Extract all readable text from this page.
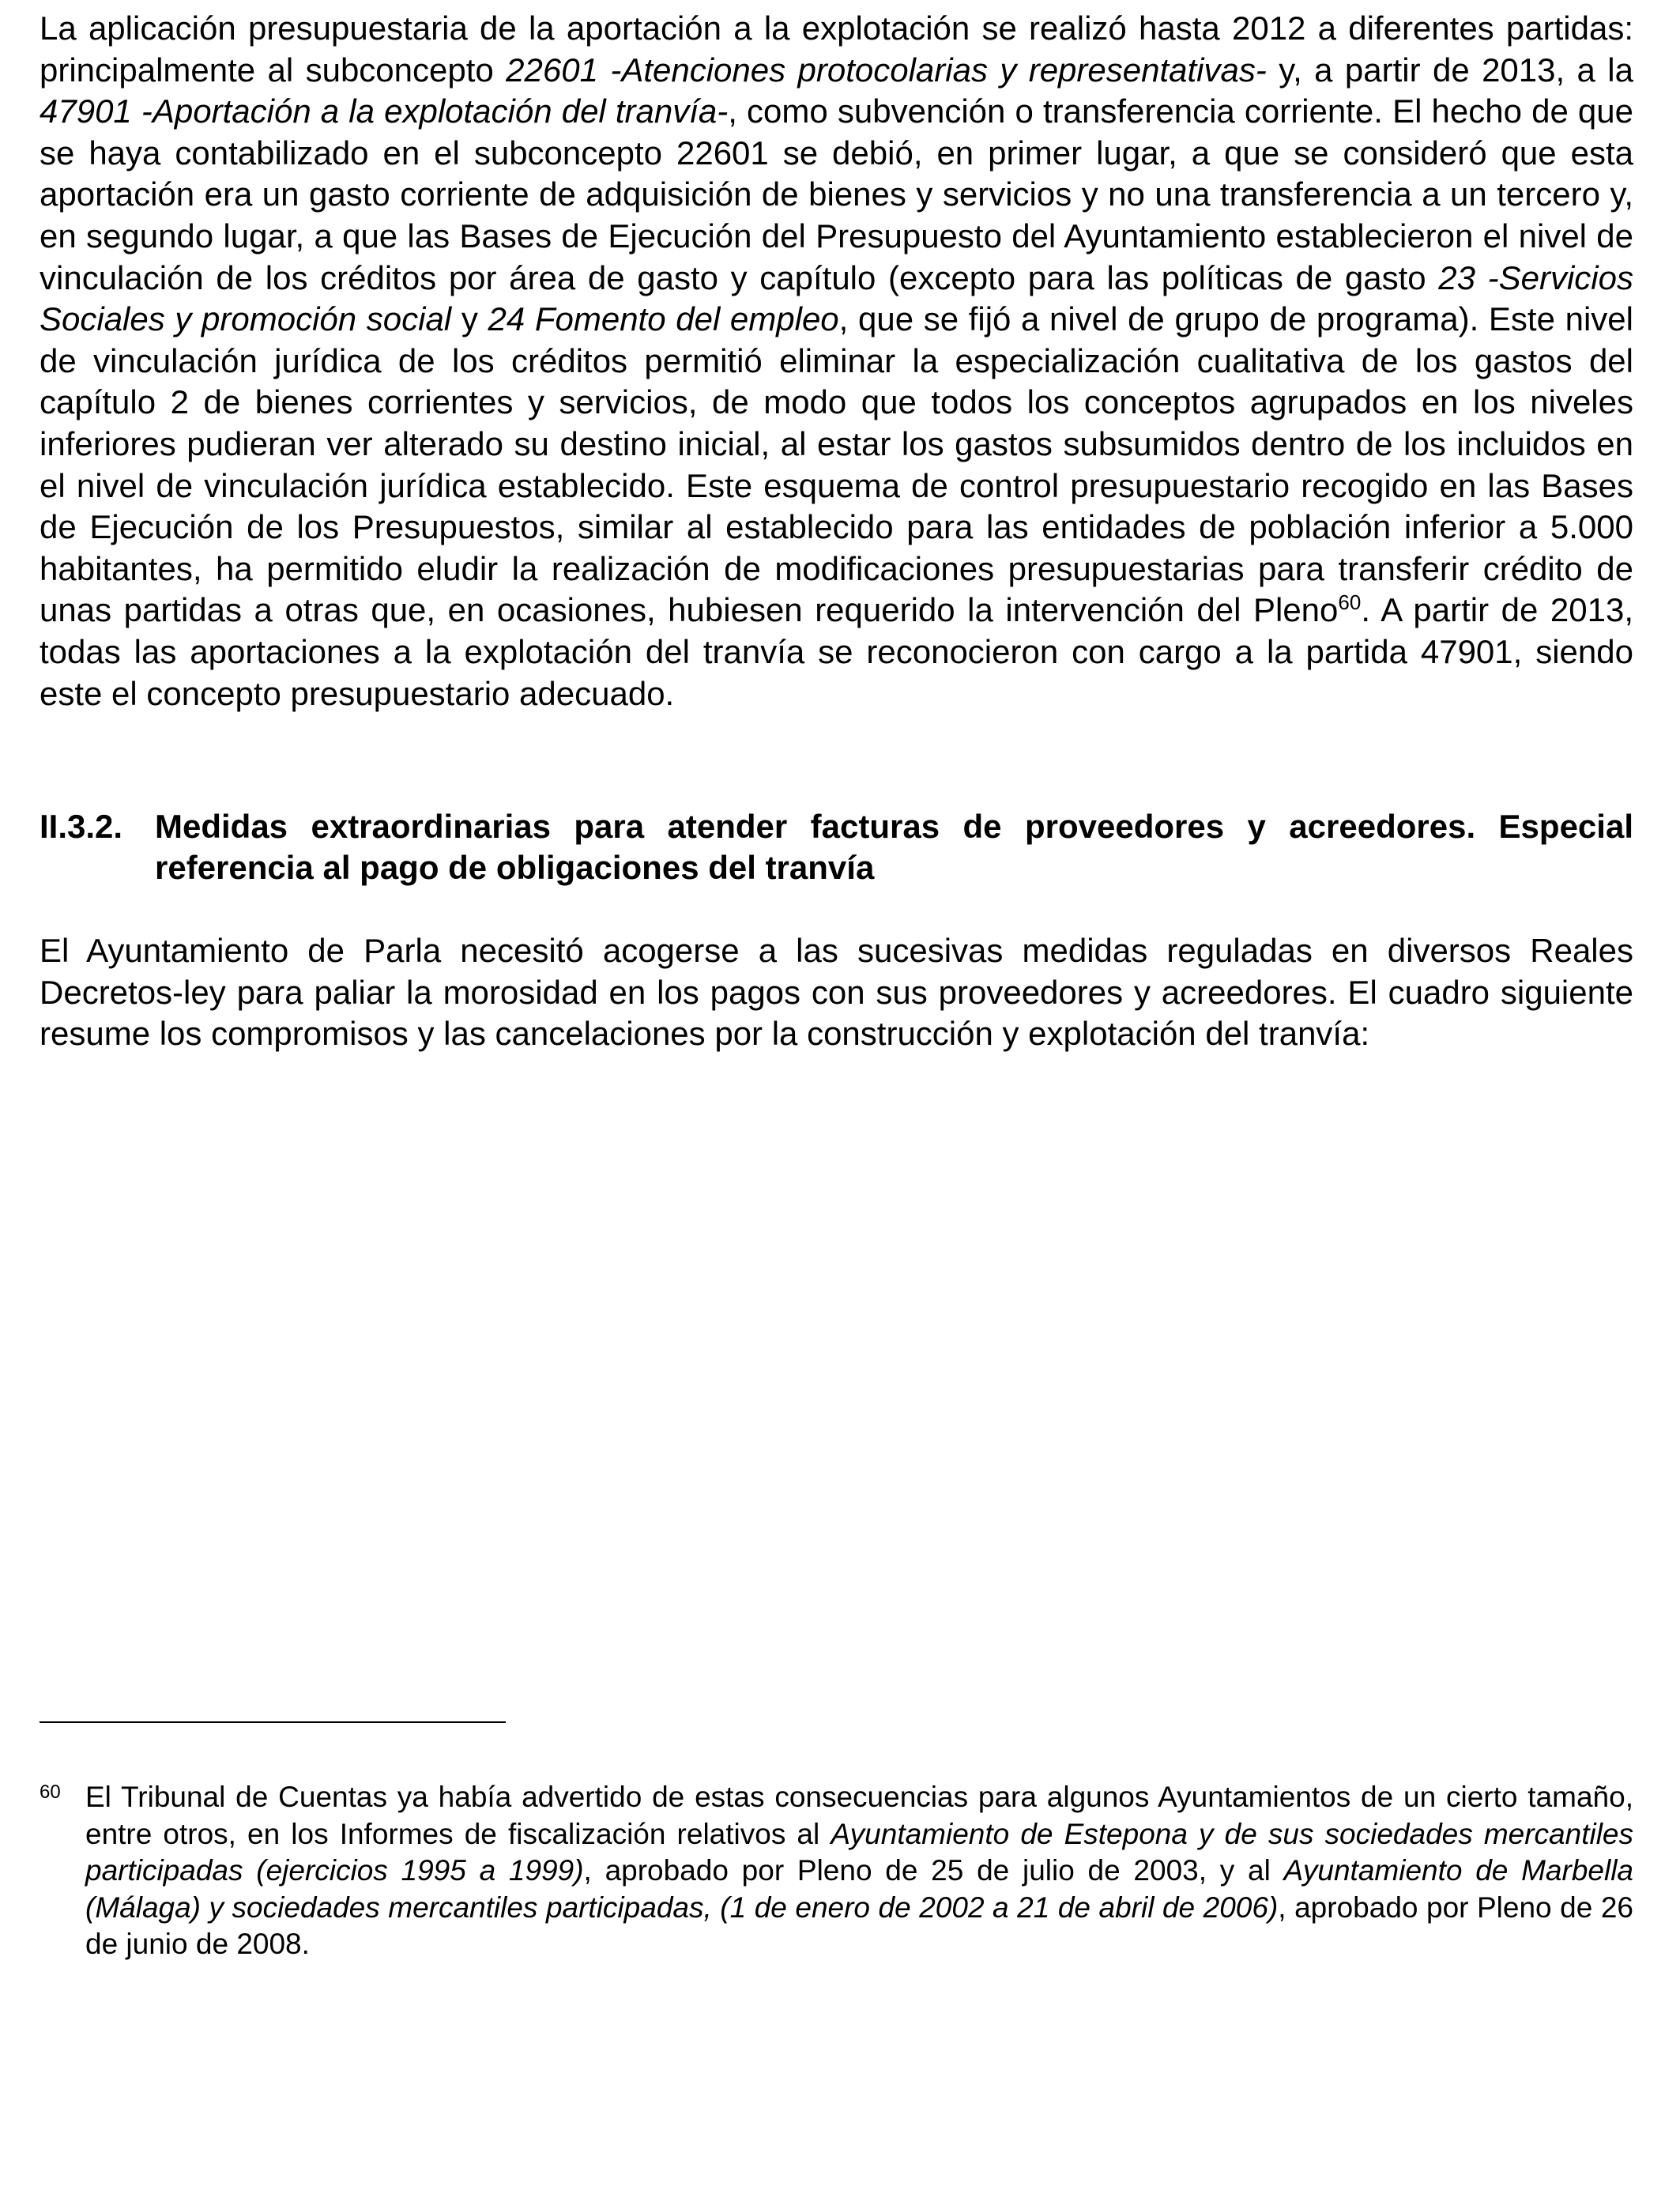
La aplicación presupuestaria de la aportación a la explotación se realizó hasta 2012 a diferentes partidas: principalmente al subconcepto 22601 -Atenciones protocolarias y representativas- y, a partir de 2013, a la 47901 -Aportación a la explotación del tranvía-, como subvención o transferencia corriente. El hecho de que se haya contabilizado en el subconcepto 22601 se debió, en primer lugar, a que se consideró que esta aportación era un gasto corriente de adquisición de bienes y servicios y no una transferencia a un tercero y, en segundo lugar, a que las Bases de Ejecución del Presupuesto del Ayuntamiento establecieron el nivel de vinculación de los créditos por área de gasto y capítulo (excepto para las políticas de gasto 23 -Servicios Sociales y promoción social y 24 Fomento del empleo, que se fijó a nivel de grupo de programa). Este nivel de vinculación jurídica de los créditos permitió eliminar la especialización cualitativa de los gastos del capítulo 2 de bienes corrientes y servicios, de modo que todos los conceptos agrupados en los niveles inferiores pudieran ver alterado su destino inicial, al estar los gastos subsumidos dentro de los incluidos en el nivel de vinculación jurídica establecido. Este esquema de control presupuestario recogido en las Bases de Ejecución de los Presupuestos, similar al establecido para las entidades de población inferior a 5.000 habitantes, ha permitido eludir la realización de modificaciones presupuestarias para transferir crédito de unas partidas a otras que, en ocasiones, hubiesen requerido la intervención del Pleno$^{60}$. A partir de 2013, todas las aportaciones a la explotación del tranvía se reconocieron con cargo a la partida 47901, siendo este el concepto presupuestario adecuado.

II.3.2. Medidas extraordinarias para atender facturas de proveedores y acreedores. Especial referencia al pago de obligaciones del tranvía

El Ayuntamiento de Parla necesitó acogerse a las sucesivas medidas reguladas en diversos Reales Decretos-ley para paliar la morosidad en los pagos con sus proveedores y acreedores. El cuadro siguiente resume los compromisos y las cancelaciones por la construcción y explotación del tranvía:

60 El Tribunal de Cuentas ya había advertido de estas consecuencias para algunos Ayuntamientos de un cierto tamaño, entre otros, en los Informes de fiscalización relativos al Ayuntamiento de Estepona y de sus sociedades mercantiles participadas (ejercicios 1995 a 1999), aprobado por Pleno de 25 de julio de 2003, y al Ayuntamiento de Marbella (Málaga) y sociedades mercantiles participadas, (1 de enero de 2002 a 21 de abril de 2006), aprobado por Pleno de 26 de junio de 2008.
